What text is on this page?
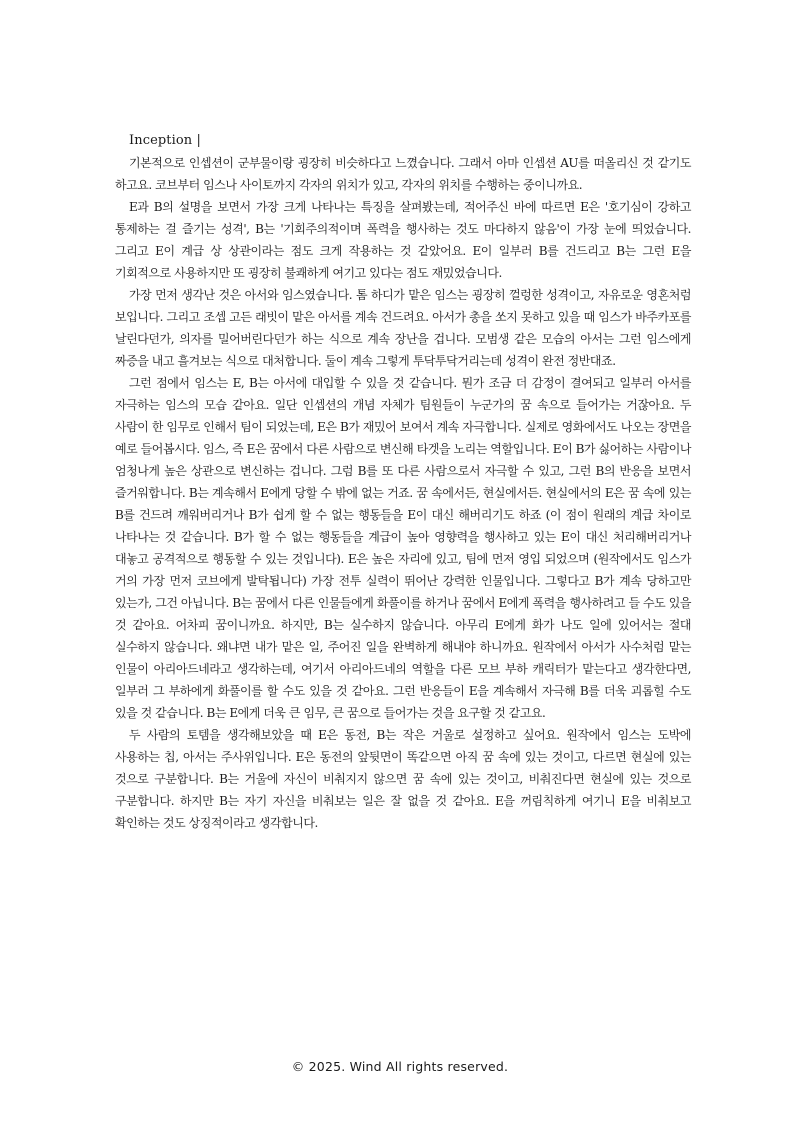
Inception |

기본적으로 인셉션이 군부물이랑 굉장히 비슷하다고 느꼈습니다. 그래서 아마 인셉션 AU를 떠올리신 것 같기도 하고요. 코브부터 임스나 사이토까지 각자의 위치가 있고, 각자의 위치를 수행하는 중이니까요.

E과 B의 설명을 보면서 가장 크게 나타나는 특징을 살펴봤는데, 적어주신 바에 따르면 E은 '호기심이 강하고 통제하는 걸 즐기는 성격', B는 '기회주의적이며 폭력을 행사하는 것도 마다하지 않음'이 가장 눈에 띄었습니다. 그리고 E이 계급 상 상관이라는 점도 크게 작용하는 것 같았어요. E이 일부러 B를 건드리고 B는 그런 E을 기회적으로 사용하지만 또 굉장히 불쾌하게 여기고 있다는 점도 재밌었습니다.

가장 먼저 생각난 것은 아서와 임스였습니다. 톰 하디가 맡은 임스는 굉장히 껄렁한 성격이고, 자유로운 영혼처럼 보입니다. 그리고 조셉 고든 래빗이 맡은 아서를 계속 건드려요. 아서가 총을 쏘지 못하고 있을 때 임스가 바주카포를 날린다던가, 의자를 밀어버린다던가 하는 식으로 계속 장난을 겁니다. 모범생 같은 모습의 아서는 그런 임스에게 짜증을 내고 흘겨보는 식으로 대처합니다. 둘이 계속 그렇게 투닥투닥거리는데 성격이 완전 정반대죠.

그런 점에서 임스는 E, B는 아서에 대입할 수 있을 것 같습니다. 뭔가 조금 더 감정이 결여되고 일부러 아서를 자극하는 임스의 모습 같아요. 일단 인셉션의 개념 자체가 팀원들이 누군가의 꿈 속으로 들어가는 거잖아요. 두 사람이 한 임무로 인해서 팀이 되었는데, E은 B가 재밌어 보여서 계속 자극합니다. 실제로 영화에서도 나오는 장면을 예로 들어봅시다. 임스, 즉 E은 꿈에서 다른 사람으로 변신해 타겟을 노리는 역할입니다. E이 B가 싫어하는 사람이나 엄청나게 높은 상관으로 변신하는 겁니다. 그럼 B를 또 다른 사람으로서 자극할 수 있고, 그런 B의 반응을 보면서 즐거워합니다. B는 계속해서 E에게 당할 수 밖에 없는 거죠. 꿈 속에서든, 현실에서든. 현실에서의 E은 꿈 속에 있는 B를 건드려 깨워버리거나 B가 쉽게 할 수 없는 행동들을 E이 대신 해버리기도 하죠 (이 점이 원래의 계급 차이로 나타나는 것 같습니다. B가 할 수 없는 행동들을 계급이 높아 영향력을 행사하고 있는 E이 대신 처리해버리거나 대놓고 공격적으로 행동할 수 있는 것입니다). E은 높은 자리에 있고, 팀에 먼저 영입 되었으며 (원작에서도 임스가 거의 가장 먼저 코브에게 발탁됩니다) 가장 전투 실력이 뛰어난 강력한 인물입니다. 그렇다고 B가 계속 당하고만 있는가, 그건 아닙니다. B는 꿈에서 다른 인물들에게 화풀이를 하거나 꿈에서 E에게 폭력을 행사하려고 들 수도 있을 것 같아요. 어차피 꿈이니까요. 하지만, B는 실수하지 않습니다. 아무리 E에게 화가 나도 일에 있어서는 절대 실수하지 않습니다. 왜냐면 내가 맡은 일, 주어진 일을 완벽하게 해내야 하니까요. 원작에서 아서가 사수처럼 맡는 인물이 아리아드네라고 생각하는데, 여기서 아리아드네의 역할을 다른 모브 부하 캐릭터가 맡는다고 생각한다면, 일부러 그 부하에게 화풀이를 할 수도 있을 것 같아요. 그런 반응들이 E을 계속해서 자극해 B를 더욱 괴롭힐 수도 있을 것 같습니다. B는 E에게 더욱 큰 임무, 큰 꿈으로 들어가는 것을 요구할 것 같고요.

두 사람의 토템을 생각해보았을 때 E은 동전, B는 작은 거울로 설정하고 싶어요. 원작에서 임스는 도박에 사용하는 칩, 아서는 주사위입니다. E은 동전의 앞뒷면이 똑같으면 아직 꿈 속에 있는 것이고, 다르면 현실에 있는 것으로 구분합니다. B는 거울에 자신이 비춰지지 않으면 꿈 속에 있는 것이고, 비춰진다면 현실에 있는 것으로 구분합니다. 하지만 B는 자기 자신을 비춰보는 일은 잘 없을 것 같아요. E을 꺼림칙하게 여기니 E을 비춰보고 확인하는 것도 상징적이라고 생각합니다.

© 2025. Wind All rights reserved.
